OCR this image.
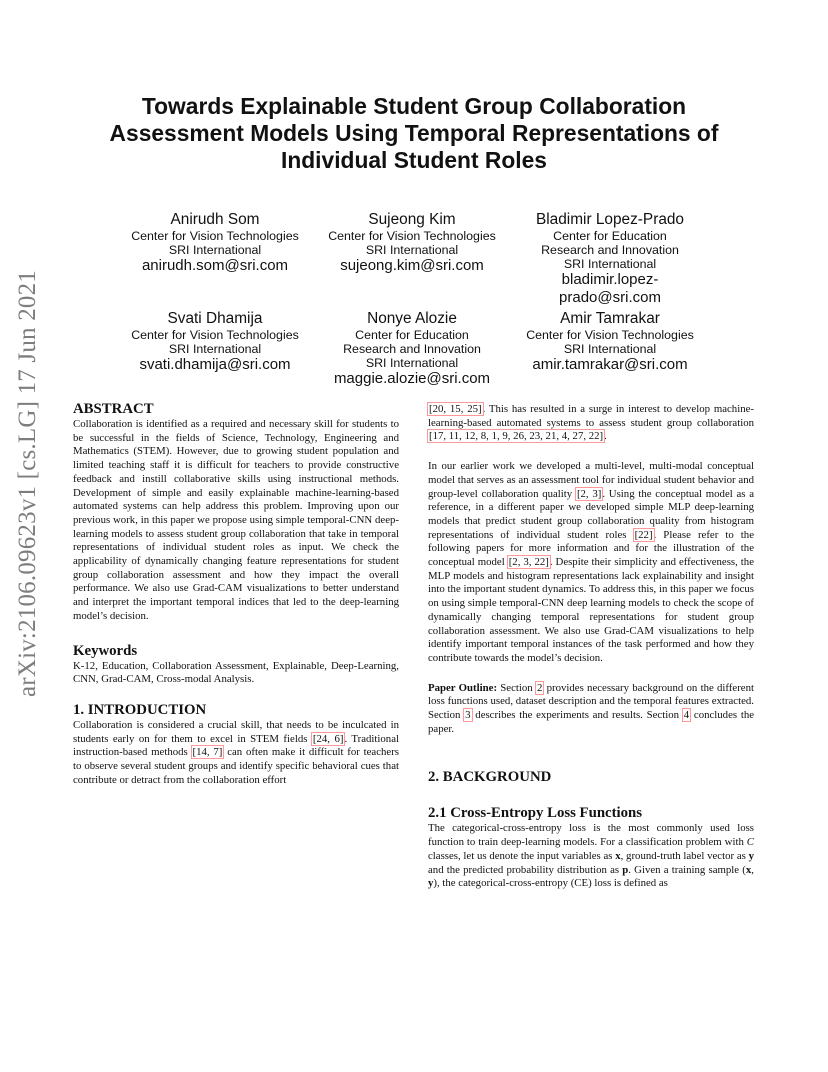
arXiv:2106.09623v1 [cs.LG] 17 Jun 2021
Towards Explainable Student Group Collaboration Assessment Models Using Temporal Representations of Individual Student Roles
Anirudh Som
Center for Vision Technologies
SRI International
anirudh.som@sri.com
Sujeong Kim
Center for Vision Technologies
SRI International
sujeong.kim@sri.com
Bladimir Lopez-Prado
Center for Education
Research and Innovation
SRI International
bladimir.lopez-
prado@sri.com
Svati Dhamija
Center for Vision Technologies
SRI International
svati.dhamija@sri.com
Nonye Alozie
Center for Education
Research and Innovation
SRI International
maggie.alozie@sri.com
Amir Tamrakar
Center for Vision Technologies
SRI International
amir.tamrakar@sri.com
ABSTRACT

Collaboration is identified as a required and necessary skill for students to be successful in the fields of Science, Technology, Engineering and Mathematics (STEM). However, due to growing student population and limited teaching staff it is difficult for teachers to provide constructive feedback and instill collaborative skills using instructional methods. Development of simple and easily explainable machine-learning-based automated systems can help address this problem. Improving upon our previous work, in this paper we propose using simple temporal-CNN deep-learning models to assess student group collaboration that take in temporal representations of individual student roles as input. We check the applicability of dynamically changing feature representations for student group collaboration assessment and how they impact the overall performance. We also use Grad-CAM visualizations to better understand and interpret the important temporal indices that led to the deep-learning model’s decision.

Keywords

K-12, Education, Collaboration Assessment, Explainable, Deep-Learning, CNN, Grad-CAM, Cross-modal Analysis.

1. INTRODUCTION

Collaboration is considered a crucial skill, that needs to be inculcated in students early on for them to excel in STEM fields [24, 6]. Traditional instruction-based methods [14, 7] can often make it difficult for teachers to observe several student groups and identify specific behavioral cues that contribute or detract from the collaboration effort

[20, 15, 25]. This has resulted in a surge in interest to develop machine-learning-based automated systems to assess student group collaboration [17, 11, 12, 8, 1, 9, 26, 23, 21, 4, 27, 22].

In our earlier work we developed a multi-level, multi-modal conceptual model that serves as an assessment tool for individual student behavior and group-level collaboration quality [2, 3]. Using the conceptual model as a reference, in a different paper we developed simple MLP deep-learning models that predict student group collaboration quality from histogram representations of individual student roles [22]. Please refer to the following papers for more information and for the illustration of the conceptual model [2, 3, 22]. Despite their simplicity and effectiveness, the MLP models and histogram representations lack explainability and insight into the important student dynamics. To address this, in this paper we focus on using simple temporal-CNN deep learning models to check the scope of dynamically changing temporal representations for student group collaboration assessment. We also use Grad-CAM visualizations to help identify important temporal instances of the task performed and how they contribute towards the model’s decision.

Paper Outline: Section 2 provides necessary background on the different loss functions used, dataset description and the temporal features extracted. Section 3 describes the experiments and results. Section 4 concludes the paper.

2. BACKGROUND
2.1 Cross-Entropy Loss Functions

The categorical-cross-entropy loss is the most commonly used loss function to train deep-learning models. For a classification problem with C classes, let us denote the input variables as x, ground-truth label vector as y and the predicted probability distribution as p. Given a training sample (x, y), the categorical-cross-entropy (CE) loss is defined as
